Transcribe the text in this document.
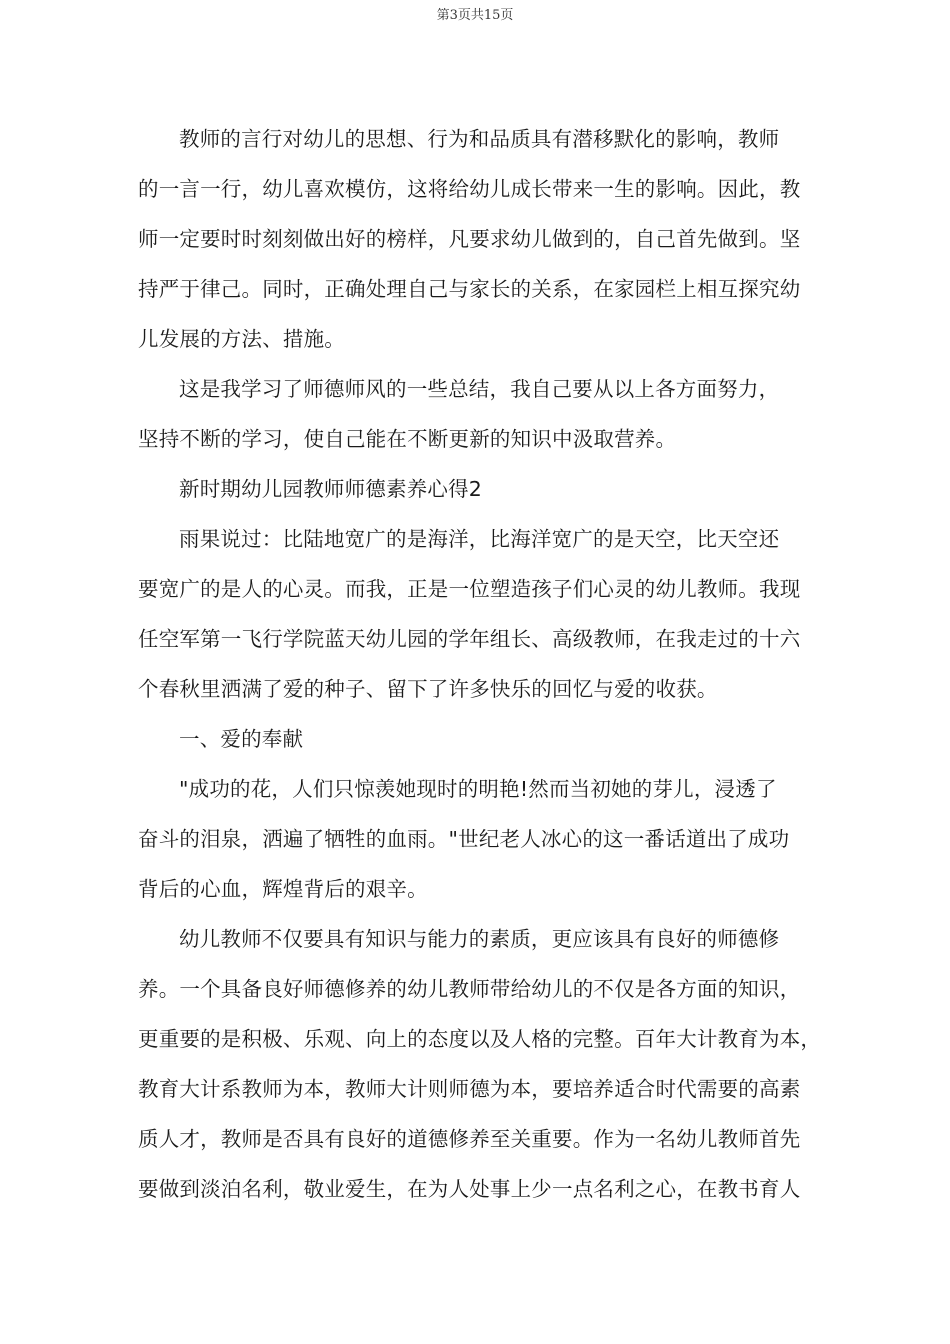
第3页共15页

教师的言行对幼儿的思想、行为和品质具有潜移默化的影响，教师
的一言一行，幼儿喜欢模仿，这将给幼儿成长带来一生的影响。因此，教
师一定要时时刻刻做出好的榜样，凡要求幼儿做到的，自己首先做到。坚
持严于律己。同时，正确处理自己与家长的关系，在家园栏上相互探究幼
儿发展的方法、措施。

这是我学习了师德师风的一些总结，我自己要从以上各方面努力，
坚持不断的学习，使自己能在不断更新的知识中汲取营养。

新时期幼儿园教师师德素养心得2

雨果说过：比陆地宽广的是海洋，比海洋宽广的是天空，比天空还
要宽广的是人的心灵。而我，正是一位塑造孩子们心灵的幼儿教师。我现
任空军第一飞行学院蓝天幼儿园的学年组长、高级教师，在我走过的十六
个春秋里洒满了爱的种子、留下了许多快乐的回忆与爱的收获。

一、爱的奉献

"成功的花，人们只惊羡她现时的明艳!然而当初她的芽儿，浸透了
奋斗的泪泉，洒遍了牺牲的血雨。"世纪老人冰心的这一番话道出了成功
背后的心血，辉煌背后的艰辛。

幼儿教师不仅要具有知识与能力的素质，更应该具有良好的师德修
养。一个具备良好师德修养的幼儿教师带给幼儿的不仅是各方面的知识，
更重要的是积极、乐观、向上的态度以及人格的完整。百年大计教育为本，
教育大计系教师为本，教师大计则师德为本，要培养适合时代需要的高素
质人才，教师是否具有良好的道德修养至关重要。作为一名幼儿教师首先
要做到淡泊名利，敬业爱生，在为人处事上少一点名利之心，在教书育人
